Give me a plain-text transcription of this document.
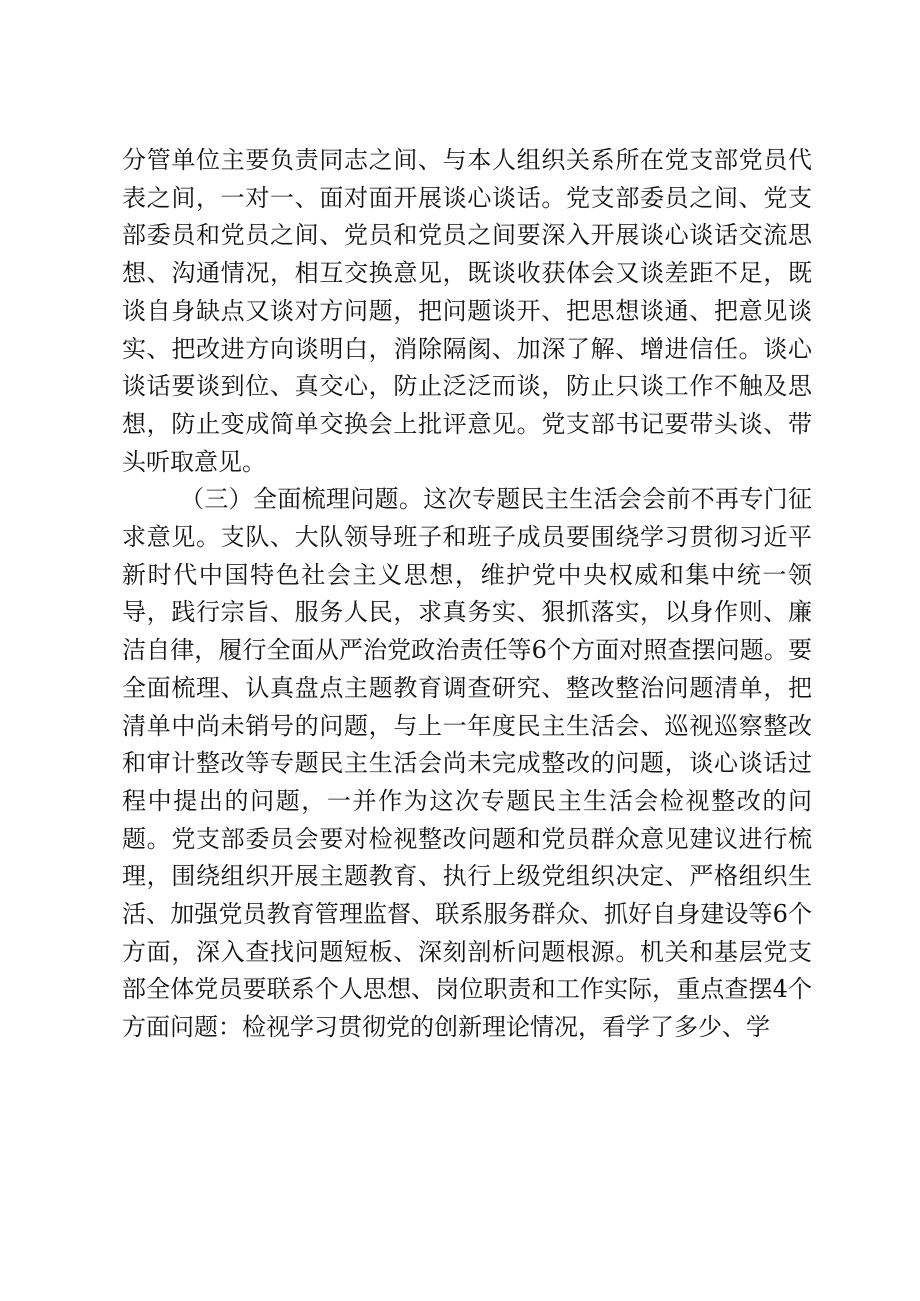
分管单位主要负责同志之间、与本人组织关系所在党支部党员代表之间，一对一、面对面开展谈心谈话。党支部委员之间、党支部委员和党员之间、党员和党员之间要深入开展谈心谈话交流思想、沟通情况，相互交换意见，既谈收获体会又谈差距不足，既谈自身缺点又谈对方问题，把问题谈开、把思想谈通、把意见谈实、把改进方向谈明白，消除隔阂、加深了解、增进信任。谈心谈话要谈到位、真交心，防止泛泛而谈，防止只谈工作不触及思想，防止变成简单交换会上批评意见。党支部书记要带头谈、带头听取意见。

（三）全面梳理问题。这次专题民主生活会会前不再专门征求意见。支队、大队领导班子和班子成员要围绕学习贯彻习近平新时代中国特色社会主义思想，维护党中央权威和集中统一领导，践行宗旨、服务人民，求真务实、狠抓落实，以身作则、廉洁自律，履行全面从严治党政治责任等6个方面对照查摆问题。要全面梳理、认真盘点主题教育调查研究、整改整治问题清单，把清单中尚未销号的问题，与上一年度民主生活会、巡视巡察整改和审计整改等专题民主生活会尚未完成整改的问题，谈心谈话过程中提出的问题，一并作为这次专题民主生活会检视整改的问题。党支部委员会要对检视整改问题和党员群众意见建议进行梳理，围绕组织开展主题教育、执行上级党组织决定、严格组织生活、加强党员教育管理监督、联系服务群众、抓好自身建设等6个方面，深入查找问题短板、深刻剖析问题根源。机关和基层党支部全体党员要联系个人思想、岗位职责和工作实际，重点查摆4个方面问题：检视学习贯彻党的创新理论情况，看学了多少、学
